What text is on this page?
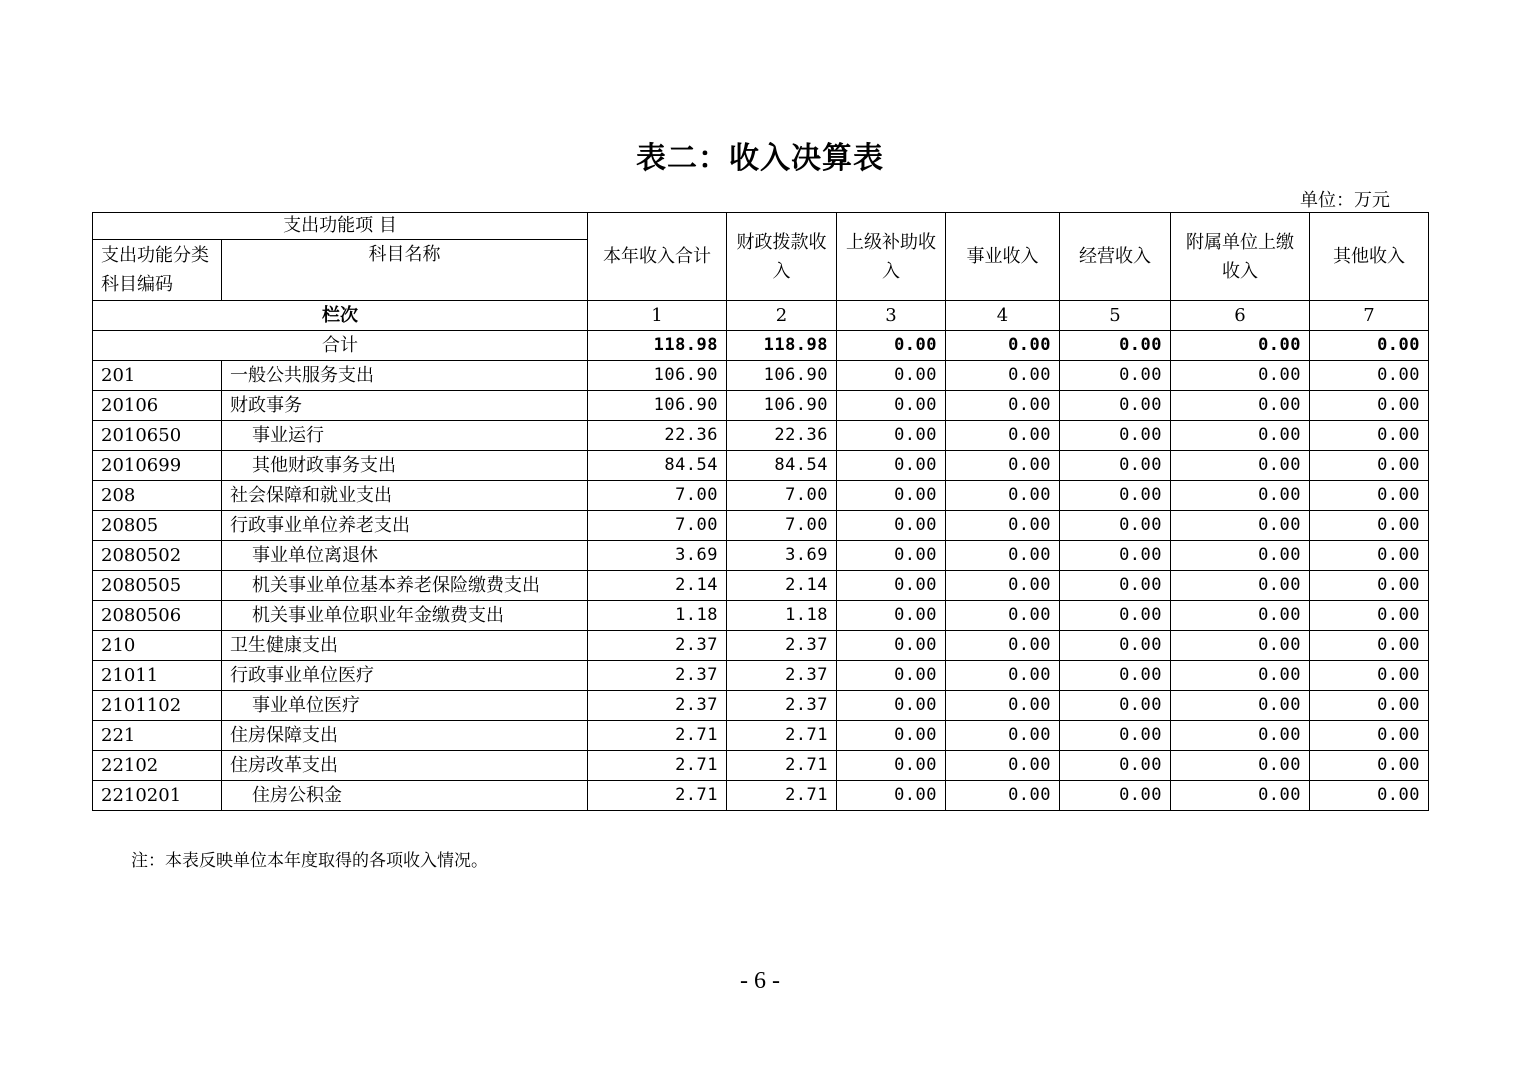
表二：收入决算表
单位：万元
支出功能项 目		本年收入合计	财政拨款收入	上级补助收入	事业收入	经营收入	附属单位上缴收入	其他收入
支出功能分类科目编码	科目名称							
栏次		1	2	3	4	5	6	7
合计		118.98	118.98	0.00	0.00	0.00	0.00	0.00
201	一般公共服务支出	106.90	106.90	0.00	0.00	0.00	0.00	0.00
20106	财政事务	106.90	106.90	0.00	0.00	0.00	0.00	0.00
2010650	事业运行	22.36	22.36	0.00	0.00	0.00	0.00	0.00
2010699	其他财政事务支出	84.54	84.54	0.00	0.00	0.00	0.00	0.00
208	社会保障和就业支出	7.00	7.00	0.00	0.00	0.00	0.00	0.00
20805	行政事业单位养老支出	7.00	7.00	0.00	0.00	0.00	0.00	0.00
2080502	事业单位离退休	3.69	3.69	0.00	0.00	0.00	0.00	0.00
2080505	机关事业单位基本养老保险缴费支出	2.14	2.14	0.00	0.00	0.00	0.00	0.00
2080506	机关事业单位职业年金缴费支出	1.18	1.18	0.00	0.00	0.00	0.00	0.00
210	卫生健康支出	2.37	2.37	0.00	0.00	0.00	0.00	0.00
21011	行政事业单位医疗	2.37	2.37	0.00	0.00	0.00	0.00	0.00
2101102	事业单位医疗	2.37	2.37	0.00	0.00	0.00	0.00	0.00
221	住房保障支出	2.71	2.71	0.00	0.00	0.00	0.00	0.00
22102	住房改革支出	2.71	2.71	0.00	0.00	0.00	0.00	0.00
2210201	住房公积金	2.71	2.71	0.00	0.00	0.00	0.00	0.00
注：本表反映单位本年度取得的各项收入情况。
- 6 -
